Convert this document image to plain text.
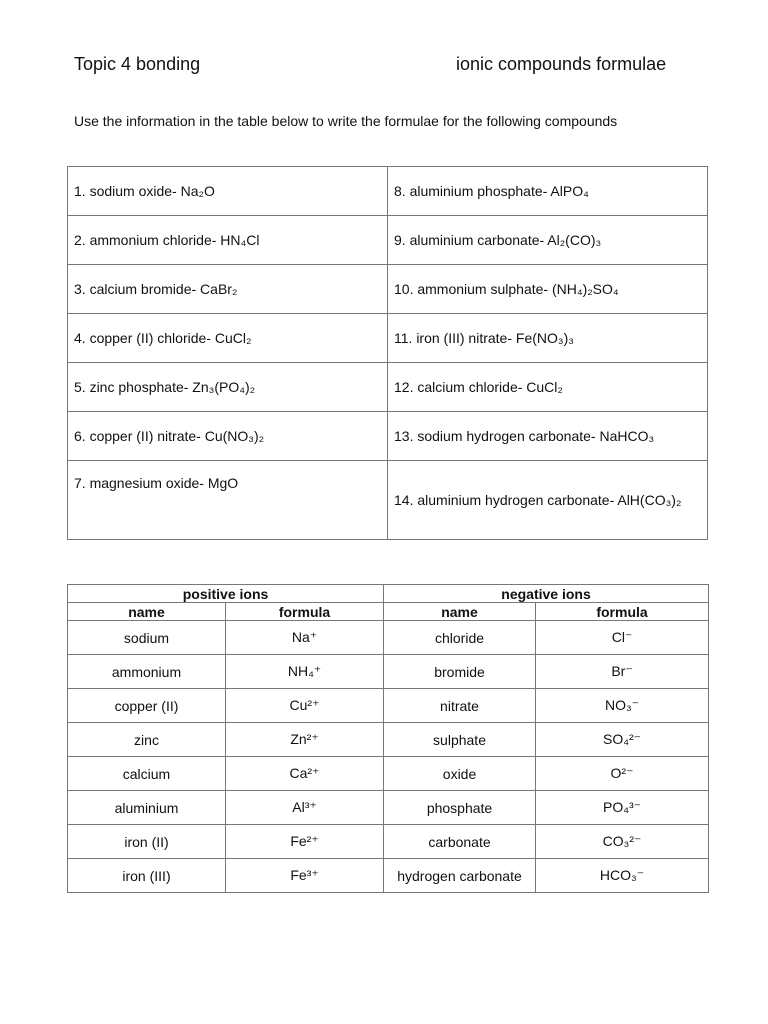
Topic 4 bonding	ionic compounds formulae
Use the information in the table below to write the formulae for the following compounds
1. sodium oxide- Na₂O	8. aluminium phosphate- AlPO₄
2. ammonium chloride- HN₄Cl	9. aluminium carbonate- Al₂(CO)₃
3. calcium bromide- CaBr₂	10. ammonium sulphate- (NH₄)₂SO₄
4. copper (II) chloride- CuCl₂	11. iron (III) nitrate- Fe(NO₃)₃
5. zinc phosphate- Zn₃(PO₄)₂	12. calcium chloride- CuCl₂
6. copper (II) nitrate- Cu(NO₃)₂	13. sodium hydrogen carbonate- NaHCO₃
7. magnesium oxide- MgO	14. aluminium hydrogen carbonate- AlH(CO₃)₂
positive ions		negative ions	
name	formula	name	formula
sodium	Na⁺	chloride	Cl⁻
ammonium	NH₄⁺	bromide	Br⁻
copper (II)	Cu²⁺	nitrate	NO₃⁻
zinc	Zn²⁺	sulphate	SO₄²⁻
calcium	Ca²⁺	oxide	O²⁻
aluminium	Al³⁺	phosphate	PO₄³⁻
iron (II)	Fe²⁺	carbonate	CO₃²⁻
iron (III)	Fe³⁺	hydrogen carbonate	HCO₃⁻
